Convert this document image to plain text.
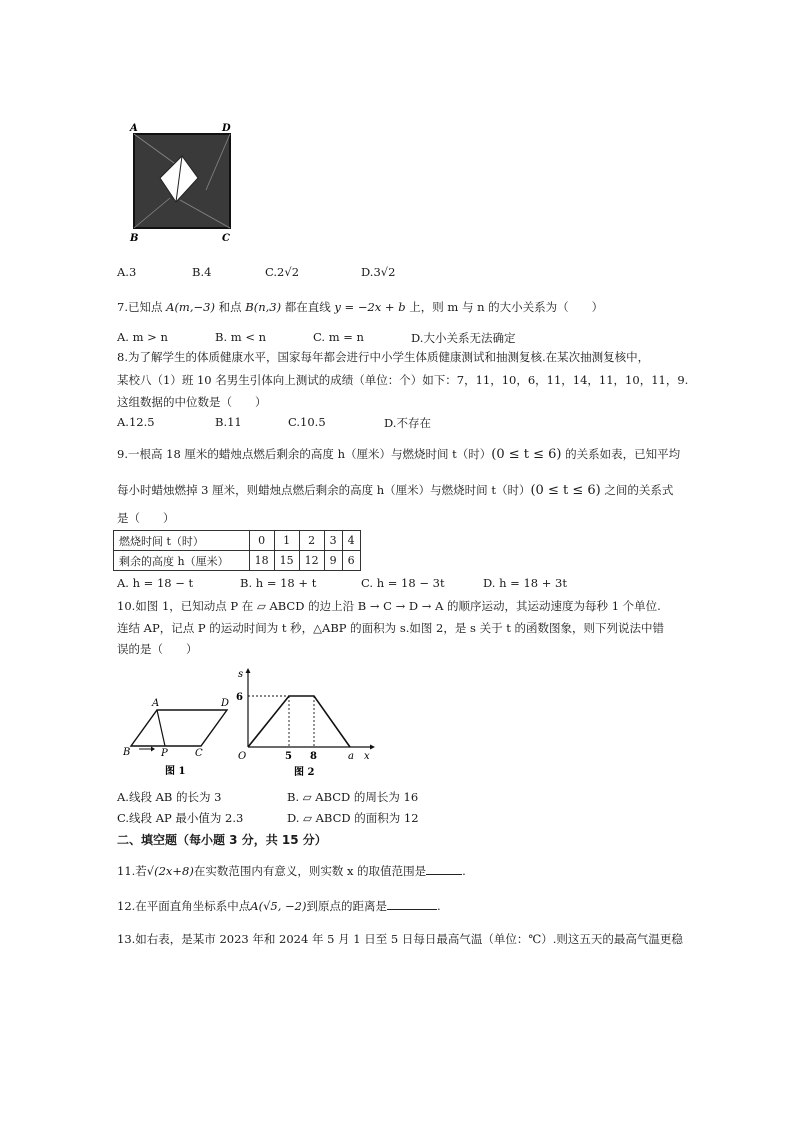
A	D
B	C
A.3	B.4	C.2√2	D.3√2
7.已知点 A(m,−3) 和点 B(n,3) 都在直线 y = −2x + b 上，则 m 与 n 的大小关系为（　　）
A. m > n	B. m < n	C. m = n	D.大小关系无法确定
8.为了解学生的体质健康水平，国家每年都会进行中小学生体质健康测试和抽测复核.在某次抽测复核中，
某校八（1）班 10 名男生引体向上测试的成绩（单位：个）如下：7，11，10，6，11，14，11，10，11，9.
这组数据的中位数是（　　）
A.12.5	B.11	C.10.5	D.不存在
9.一根高 18 厘米的蜡烛点燃后剩余的高度 h（厘米）与燃烧时间 t（时）(0 ≤ t ≤ 6) 的关系如表，已知平均
每小时蜡烛燃掉 3 厘米，则蜡烛点燃后剩余的高度 h（厘米）与燃烧时间 t（时）(0 ≤ t ≤ 6) 之间的关系式
是（　　）
燃烧时间 t（时）	0	1	2	3	4
剩余的高度 h（厘米）	18	15	12	9	6
A. h = 18 − t	B. h = 18 + t	C. h = 18 − 3t	D. h = 18 + 3t
10.如图 1，已知动点 P 在 ▱ ABCD 的边上沿 B → C → D → A 的顺序运动，其运动速度为每秒 1 个单位.
连结 AP，记点 P 的运动时间为 t 秒，△ABP 的面积为 s.如图 2，是 s 关于 t 的函数图象，则下列说法中错
误的是（　　）
A	D
B	P	C
图 1
s
6
O	5 8	a x
图 2
A.线段 AB 的长为 3	B. ▱ ABCD 的周长为 16
C.线段 AP 最小值为 2.3	D. ▱ ABCD 的面积为 12
二、填空题（每小题 3 分，共 15 分）
11.若√(2x+8)在实数范围内有意义，则实数 x 的取值范围是	.
12.在平面直角坐标系中点A(√5, −2)到原点的距离是	.
13.如右表，是某市 2023 年和 2024 年 5 月 1 日至 5 日每日最高气温（单位：℃）.则这五天的最高气温更稳
